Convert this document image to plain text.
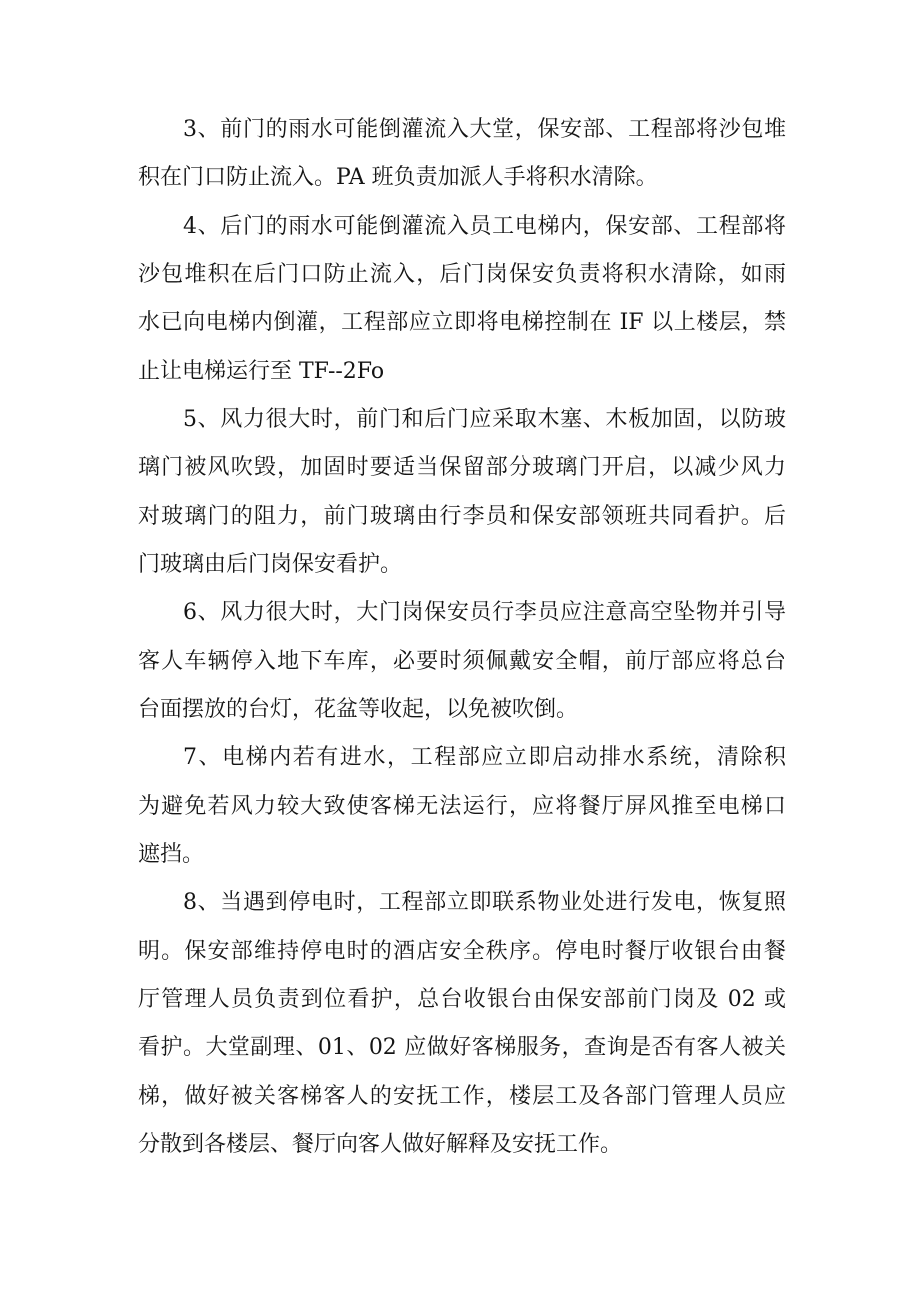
3、前门的雨水可能倒灌流入大堂，保安部、工程部将沙包堆
积在门口防止流入。PA 班负责加派人手将积水清除。
4、后门的雨水可能倒灌流入员工电梯内，保安部、工程部将
沙包堆积在后门口防止流入，后门岗保安负责将积水清除，如雨
水已向电梯内倒灌，工程部应立即将电梯控制在 IF 以上楼层，禁
止让电梯运行至 TF--2Fo
5、风力很大时，前门和后门应采取木塞、木板加固，以防玻
璃门被风吹毁，加固时要适当保留部分玻璃门开启，以减少风力
对玻璃门的阻力，前门玻璃由行李员和保安部领班共同看护。后
门玻璃由后门岗保安看护。
6、风力很大时，大门岗保安员行李员应注意高空坠物并引导
客人车辆停入地下车库，必要时须佩戴安全帽，前厅部应将总台
台面摆放的台灯，花盆等收起，以免被吹倒。
7、电梯内若有进水，工程部应立即启动排水系统，清除积
为避免若风力较大致使客梯无法运行，应将餐厅屏风推至电梯口
遮挡。
8、当遇到停电时，工程部立即联系物业处进行发电，恢复照
明。保安部维持停电时的酒店安全秩序。停电时餐厅收银台由餐
厅管理人员负责到位看护，总台收银台由保安部前门岗及 02 或
看护。大堂副理、01、02 应做好客梯服务，查询是否有客人被关
梯，做好被关客梯客人的安抚工作，楼层工及各部门管理人员应
分散到各楼层、餐厅向客人做好解释及安抚工作。
